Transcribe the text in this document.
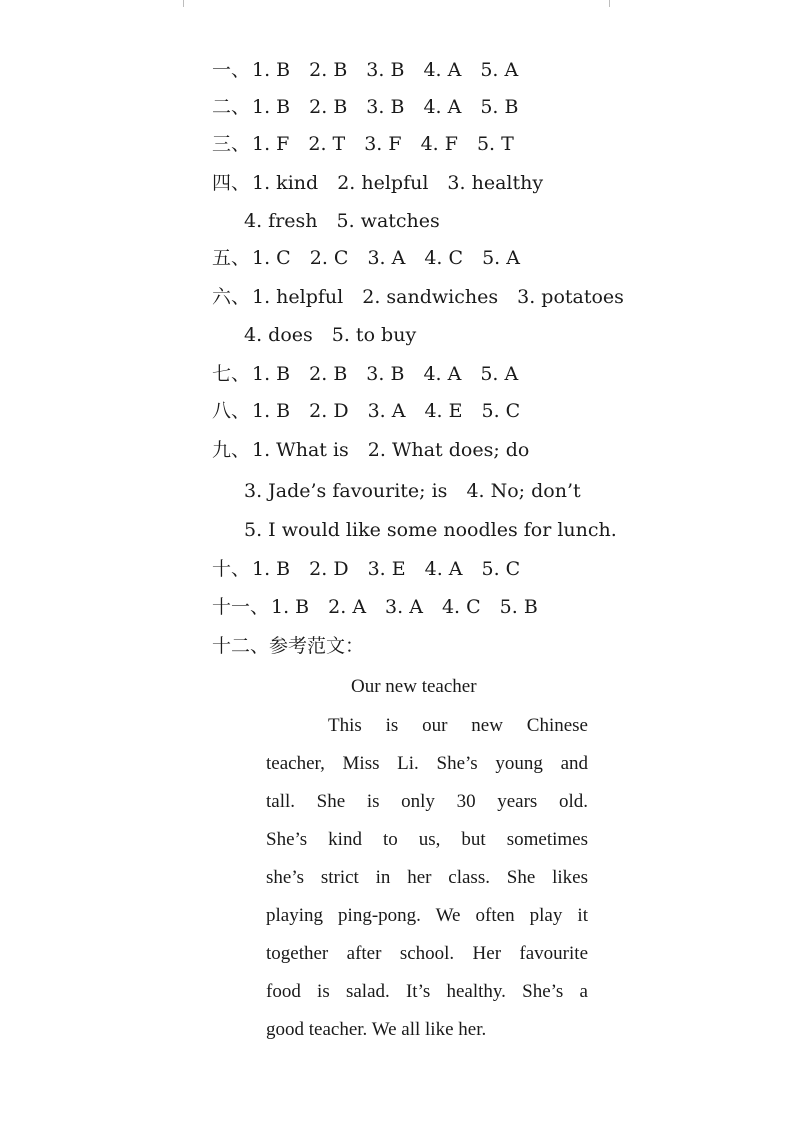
一、 1. B 2. B 3. B 4. A 5. A
二、 1. B 2. B 3. B 4. A 5. B
三、 1. F 2. T 3. F 4. F 5. T
四、 1. kind 2. helpful 3. healthy
4. fresh 5. watches
五、 1. C 2. C 3. A 4. C 5. A
六、 1. helpful 2. sandwiches 3. potatoes
4. does 5. to buy
七、 1. B 2. B 3. B 4. A 5. A
八、 1. B 2. D 3. A 4. E 5. C
九、 1. What is 2. What does; do
3. Jade’s favourite; is 4. No; don’t
5. I would like some noodles for lunch.
十、 1. B 2. D 3. E 4. A 5. C
十一、 1. B 2. A 3. A 4. C 5. B
十二、参考范文：
Our new teacher
This is our new Chinese
teacher, Miss Li. She’s young and
tall. She is only 30 years old.
She’s kind to us, but sometimes
she’s strict in her class. She likes
playing ping-pong. We often play it
together after school. Her favourite
food is salad. It’s healthy. She’s a
good teacher. We all like her.
